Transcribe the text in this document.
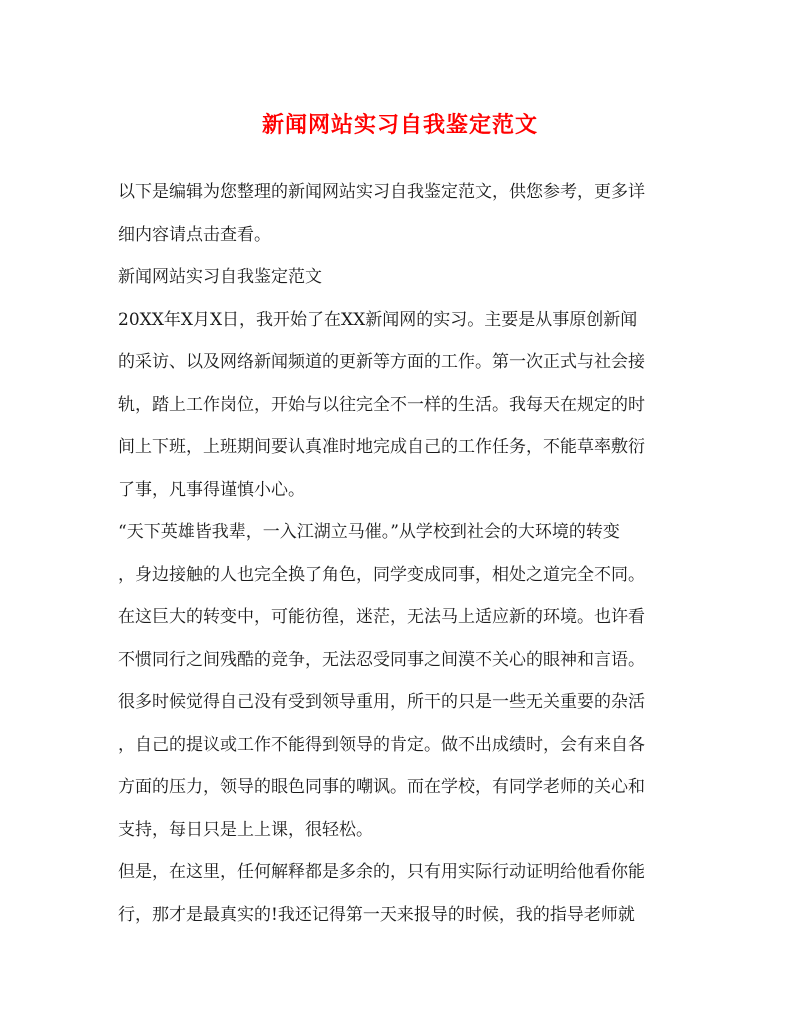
新闻网站实习自我鉴定范文
以下是编辑为您整理的新闻网站实习自我鉴定范文，供您参考，更多详
细内容请点击查看。
新闻网站实习自我鉴定范文
20XX年X月X日，我开始了在XX新闻网的实习。主要是从事原创新闻
的采访、以及网络新闻频道的更新等方面的工作。第一次正式与社会接
轨，踏上工作岗位，开始与以往完全不一样的生活。我每天在规定的时
间上下班，上班期间要认真准时地完成自己的工作任务，不能草率敷衍
了事，凡事得谨慎小心。
“天下英雄皆我辈，一入江湖立马催。”从学校到社会的大环境的转变
，身边接触的人也完全换了角色，同学变成同事，相处之道完全不同。
在这巨大的转变中，可能彷徨，迷茫，无法马上适应新的环境。也许看
不惯同行之间残酷的竞争，无法忍受同事之间漠不关心的眼神和言语。
很多时候觉得自己没有受到领导重用，所干的只是一些无关重要的杂活
，自己的提议或工作不能得到领导的肯定。做不出成绩时，会有来自各
方面的压力，领导的眼色同事的嘲讽。而在学校，有同学老师的关心和
支持，每日只是上上课，很轻松。
但是，在这里，任何解释都是多余的，只有用实际行动证明给他看你能
行，那才是最真实的!我还记得第一天来报导的时候，我的指导老师就
